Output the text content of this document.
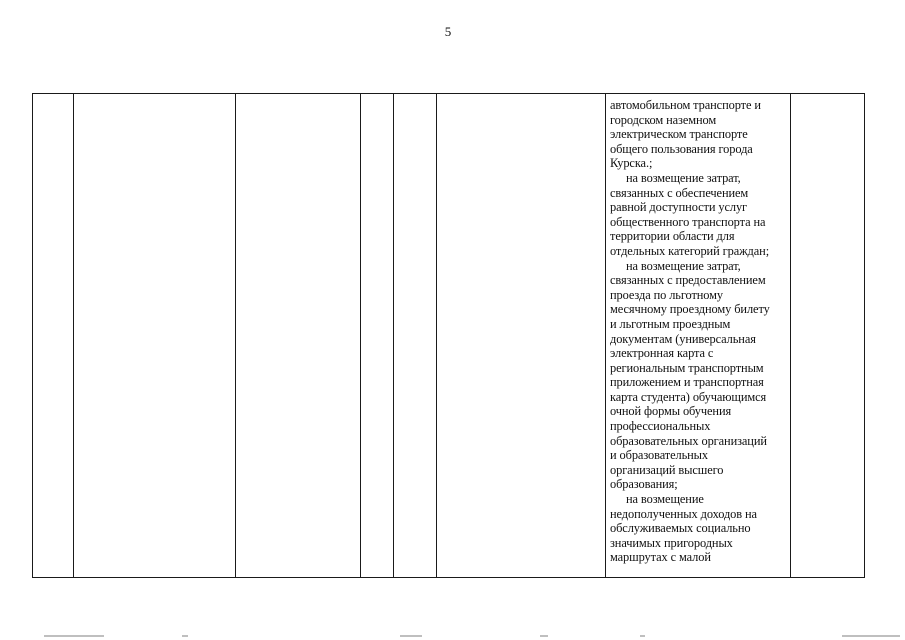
5

автомобильном транспорте и
городском наземном
электрическом транспорте
общего пользования города
Курска.;
на возмещение затрат,
связанных с обеспечением
равной доступности услуг
общественного транспорта на
территории области для
отдельных категорий граждан;
на возмещение затрат,
связанных с предоставлением
проезда по льготному
месячному проездному билету
и льготным проездным
документам (универсальная
электронная карта с
региональным транспортным
приложением и транспортная
карта студента) обучающимся
очной формы обучения
профессиональных
образовательных организаций
и образовательных
организаций высшего
образования;
на возмещение
недополученных доходов на
обслуживаемых социально
значимых пригородных
маршрутах с малой
